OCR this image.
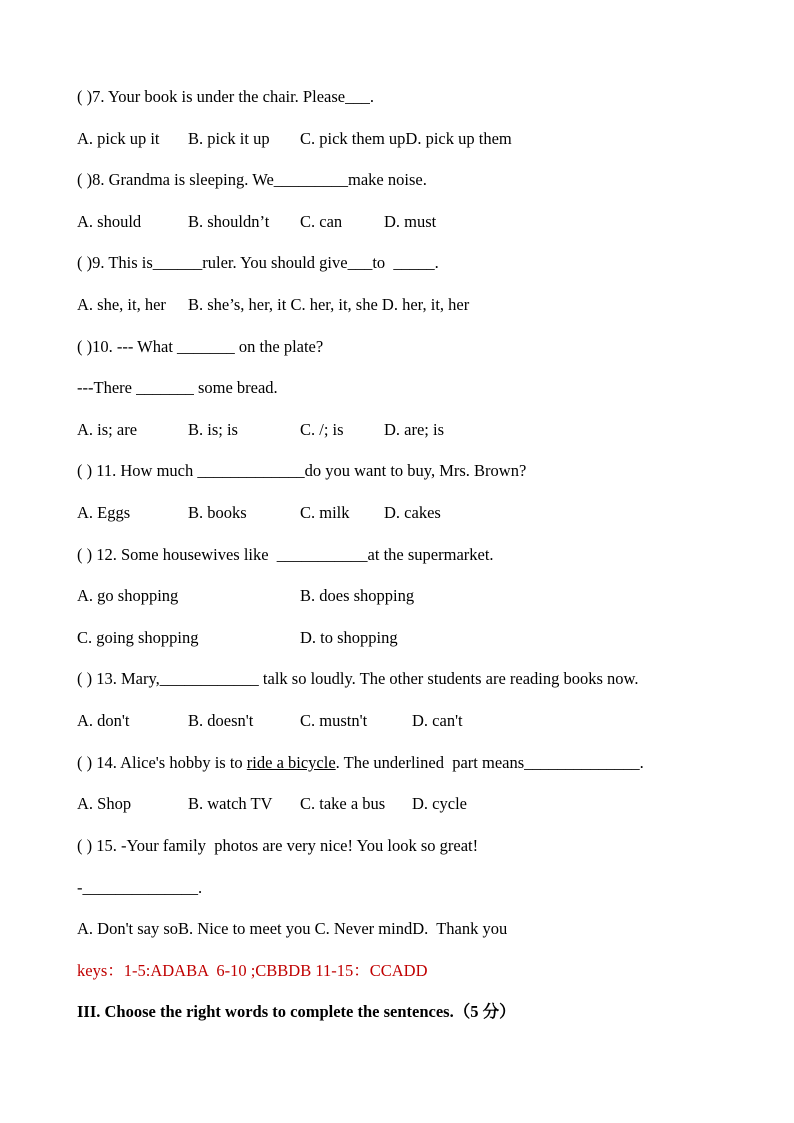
( )7. Your book is under the chair. Please___.
A. pick up it B. pick it up C. pick them upD. pick up them
( )8. Grandma is sleeping. We_________make noise.
A. should	B. shouldn’t C. can	D. must
( )9. This is______ruler. You should give___to  _____.
A. she, it, her B. she’s, her, it C. her, it, she D. her, it, her
( )10. --- What _______ on the plate?
---There _______ some bread.
A. is; are	B. is; is	C. /; is D. are; is
( ) 11. How much _____________do you want to buy, Mrs. Brown?
A. Eggs	B. books	C. milk D. cakes
( ) 12. Some housewives like  ___________at the supermarket.
A. go shopping	B. does shopping
C. going shopping	D. to shopping
( ) 13. Mary,____________ talk so loudly. The other students are reading books now.
A. don't	B. doesn't	C. mustn't	D. can't
( ) 14. Alice's hobby is to ride a bicycle. The underlined  part means______________.
A. Shop	B. watch TV C. take a bus D. cycle
( ) 15. -Your family  photos are very nice! You look so great!
-______________.
A. Don't say soB. Nice to meet you C. Never mindD.  Thank you
keys：1-5:ADABA  6-10 ;CBBDB 11-15：CCADD
III. Choose the right words to complete the sentences.（5 分）
